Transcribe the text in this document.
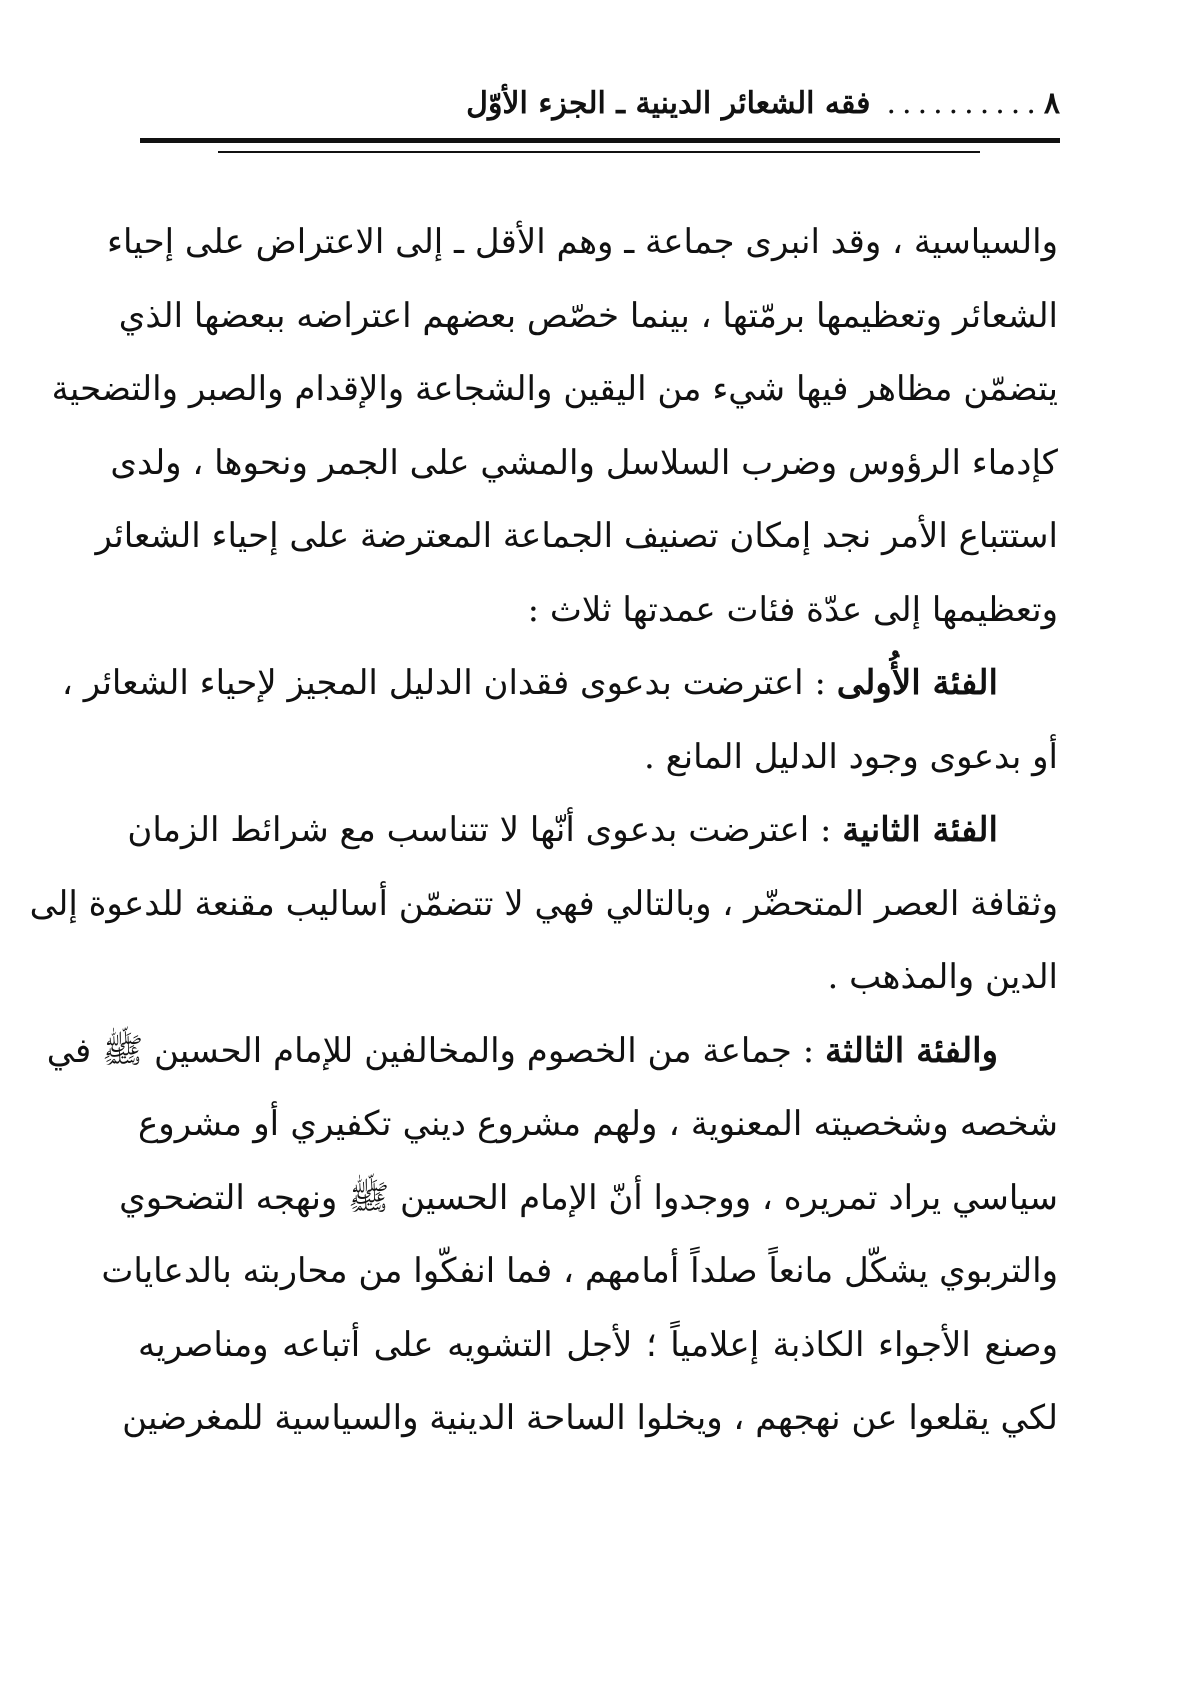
٨
..........
فقه الشعائر الدينية ـ الجزء الأوّل
والسياسية ، وقد انبرى جماعة ـ وهم الأقل ـ إلى الاعتراض على إحياء
الشعائر وتعظيمها برمّتها ، بينما خصّص بعضهم اعتراضه ببعضها الذي
يتضمّن مظاهر فيها شيء من اليقين والشجاعة والإقدام والصبر والتضحية
كإدماء الرؤوس وضرب السلاسل والمشي على الجمر ونحوها ، ولدى
استتباع الأمر نجد إمكان تصنيف الجماعة المعترضة على إحياء الشعائر
وتعظيمها إلى عدّة فئات عمدتها ثلاث :
الفئة الأُولى : اعترضت بدعوى فقدان الدليل المجيز لإحياء الشعائر ،
أو بدعوى وجود الدليل المانع .
الفئة الثانية : اعترضت بدعوى أنّها لا تتناسب مع شرائط الزمان
وثقافة العصر المتحضّر ، وبالتالي فهي لا تتضمّن أساليب مقنعة للدعوة إلى
الدين والمذهب .
والفئة الثالثة : جماعة من الخصوم والمخالفين للإمام الحسين ﷺ في
شخصه وشخصيته المعنوية ، ولهم مشروع ديني تكفيري أو مشروع
سياسي يراد تمريره ، ووجدوا أنّ الإمام الحسين ﷺ ونهجه التضحوي
والتربوي يشكّل مانعاً صلداً أمامهم ، فما انفكّوا من محاربته بالدعايات
وصنع الأجواء الكاذبة إعلامياً ؛ لأجل التشويه على أتباعه ومناصريه
لكي يقلعوا عن نهجهم ، ويخلوا الساحة الدينية والسياسية للمغرضين
